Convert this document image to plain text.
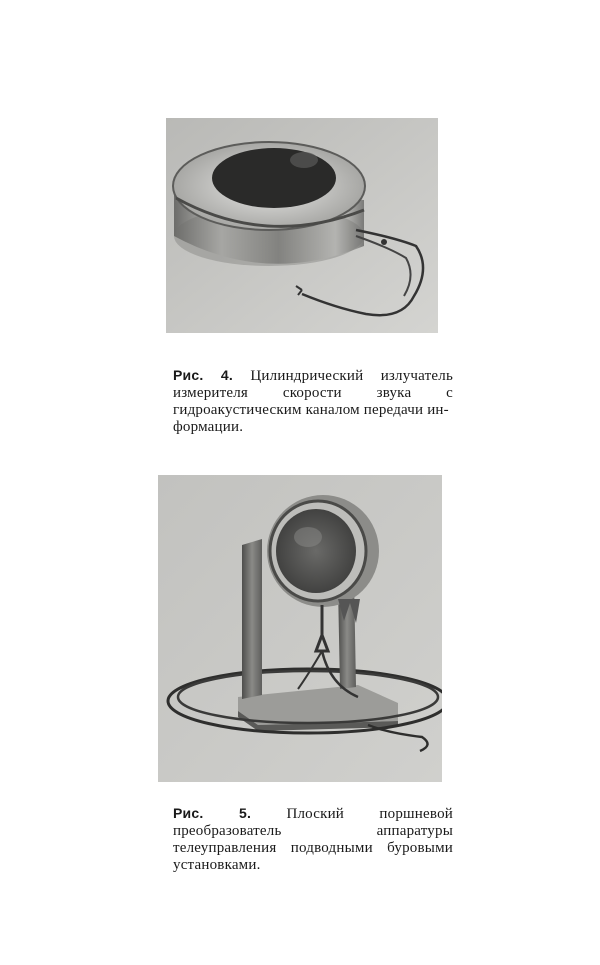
Рис. 4. Цилиндрический излучатель измерителя скорости звука с гидроакустическим каналом передачи ин-
формации.
Рис. 5. Плоский поршневой преобразователь аппаратуры телеуправления подводными буровыми установками.
